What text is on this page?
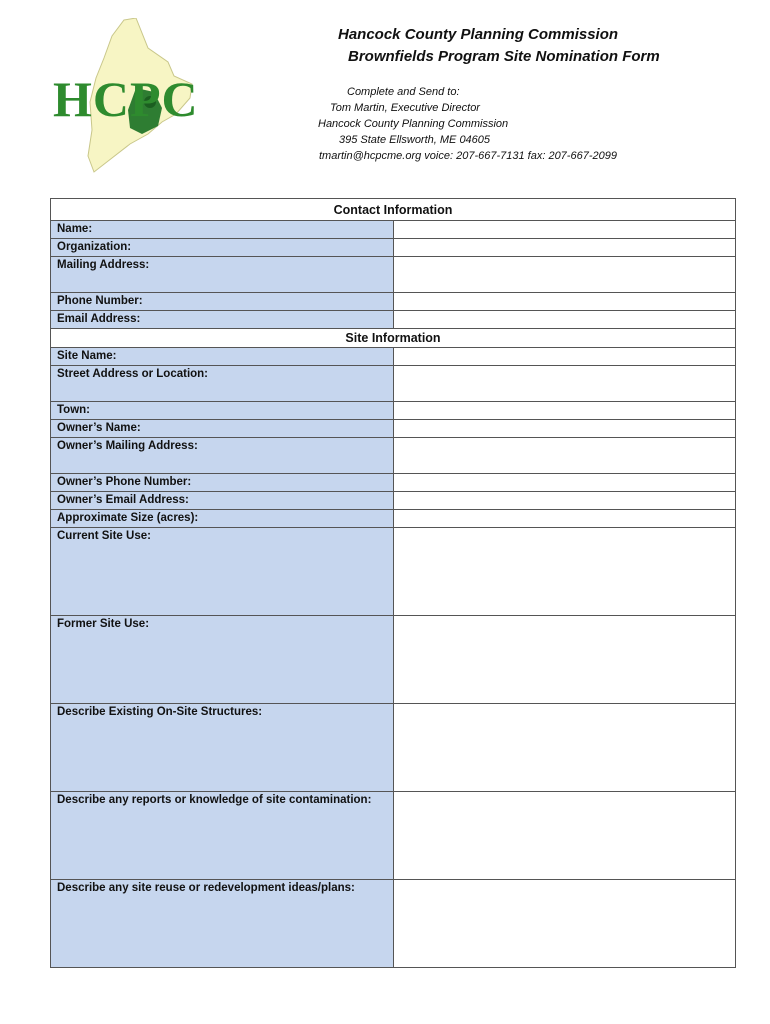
HCPC
Hancock County Planning Commission
Brownfields Program Site Nomination Form
Complete and Send to:
Tom Martin, Executive Director
Hancock County Planning Commission
395 State Ellsworth, ME 04605
tmartin@hcpcme.org voice: 207-667-7131 fax: 207-667-2099
Contact Information	
Name:	
Organization:	
Mailing Address:	
Phone Number:	
Email Address:	
Site Information	
Site Name:	
Street Address or Location:	
Town:	
Owner’s Name:	
Owner’s Mailing Address:	
Owner’s Phone Number:	
Owner’s Email Address:	
Approximate Size (acres):	
Current Site Use:	
Former Site Use:	
Describe Existing On-Site Structures:	
Describe any reports or knowledge of site contamination:	
Describe any site reuse or redevelopment ideas/plans:	
